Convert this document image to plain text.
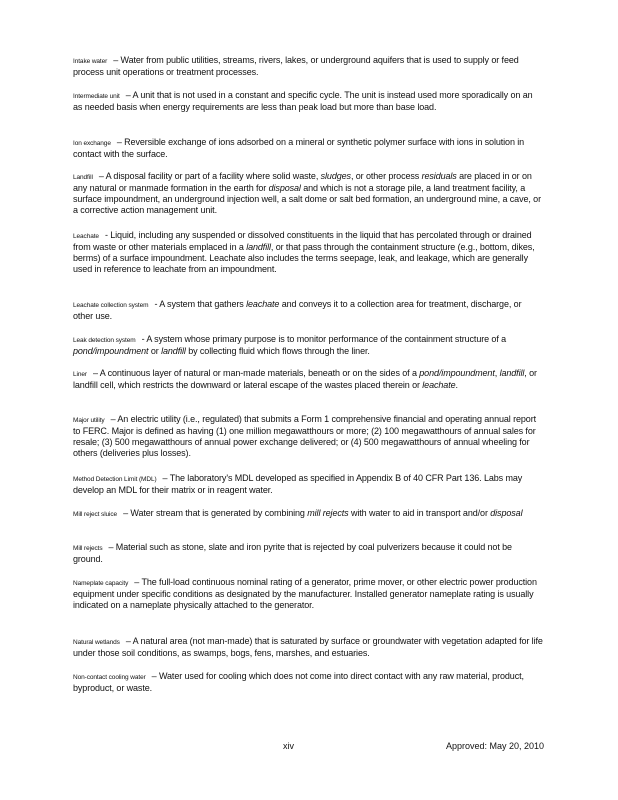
Intake water – Water from public utilities, streams, rivers, lakes, or underground aquifers that is used to supply or feed process unit operations or treatment processes.
Intermediate unit – A unit that is not used in a constant and specific cycle. The unit is instead used more sporadically on an as needed basis when energy requirements are less than peak load but more than base load.
Ion exchange – Reversible exchange of ions adsorbed on a mineral or synthetic polymer surface with ions in solution in contact with the surface.
Landfill – A disposal facility or part of a facility where solid waste, sludges, or other process residuals are placed in or on any natural or manmade formation in the earth for disposal and which is not a storage pile, a land treatment facility, a surface impoundment, an underground injection well, a salt dome or salt bed formation, an underground mine, a cave, or a corrective action management unit.
Leachate - Liquid, including any suspended or dissolved constituents in the liquid that has percolated through or drained from waste or other materials emplaced in a landfill, or that pass through the containment structure (e.g., bottom, dikes, berms) of a surface impoundment. Leachate also includes the terms seepage, leak, and leakage, which are generally used in reference to leachate from an impoundment.
Leachate collection system - A system that gathers leachate and conveys it to a collection area for treatment, discharge, or other use.
Leak detection system - A system whose primary purpose is to monitor performance of the containment structure of a pond/impoundment or landfill by collecting fluid which flows through the liner.
Liner – A continuous layer of natural or man-made materials, beneath or on the sides of a pond/impoundment, landfill, or landfill cell, which restricts the downward or lateral escape of the wastes placed therein or leachate.
Major utility – An electric utility (i.e., regulated) that submits a Form 1 comprehensive financial and operating annual report to FERC. Major is defined as having (1) one million megawatthours or more; (2) 100 megawatthours of annual sales for resale; (3) 500 megawatthours of annual power exchange delivered; or (4) 500 megawatthours of annual wheeling for others (deliveries plus losses).
Method Detection Limit (MDL) – The laboratory's MDL developed as specified in Appendix B of 40 CFR Part 136. Labs may develop an MDL for their matrix or in reagent water.
Mill reject sluice – Water stream that is generated by combining mill rejects with water to aid in transport and/or disposal
Mill rejects – Material such as stone, slate and iron pyrite that is rejected by coal pulverizers because it could not be ground.
Nameplate capacity – The full-load continuous nominal rating of a generator, prime mover, or other electric power production equipment under specific conditions as designated by the manufacturer. Installed generator nameplate rating is usually indicated on a nameplate physically attached to the generator.
Natural wetlands – A natural area (not man-made) that is saturated by surface or groundwater with vegetation adapted for life under those soil conditions, as swamps, bogs, fens, marshes, and estuaries.
Non-contact cooling water – Water used for cooling which does not come into direct contact with any raw material, product, byproduct, or waste.
xiv	Approved: May 20, 2010
